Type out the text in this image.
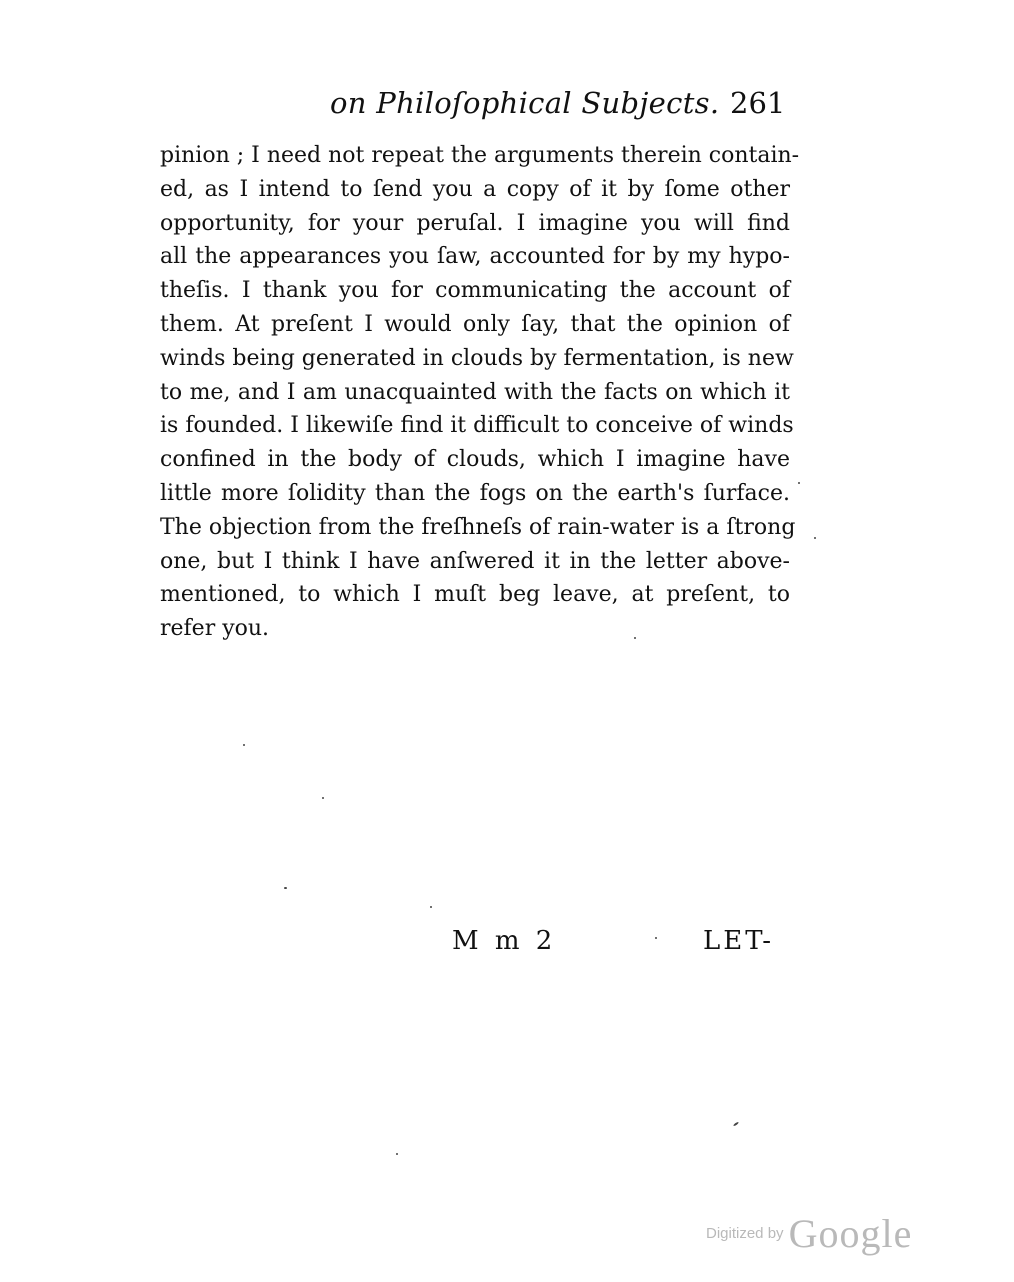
on Philoſophical Subjects. 261
pinion ; I need not repeat the arguments therein contain-
ed, as I intend to ſend you a copy of it by ſome other
opportunity, for your peruſal. I imagine you will find
all the appearances you ſaw, accounted for by my hypo-
theſis. I thank you for communicating the account of
them. At preſent I would only ſay, that the opinion of
winds being generated in clouds by fermentation, is new
to me, and I am unacquainted with the facts on which it
is founded. I likewiſe find it difficult to conceive of winds
confined in the body of clouds, which I imagine have
little more ſolidity than the fogs on the earth's ſurface.
The objection from the freſhneſs of rain-water is a ſtrong
one, but I think I have anſwered it in the letter above-
mentioned, to which I muſt beg leave, at preſent, to
refer you.
M m 2	LET-
Digitized by Google
